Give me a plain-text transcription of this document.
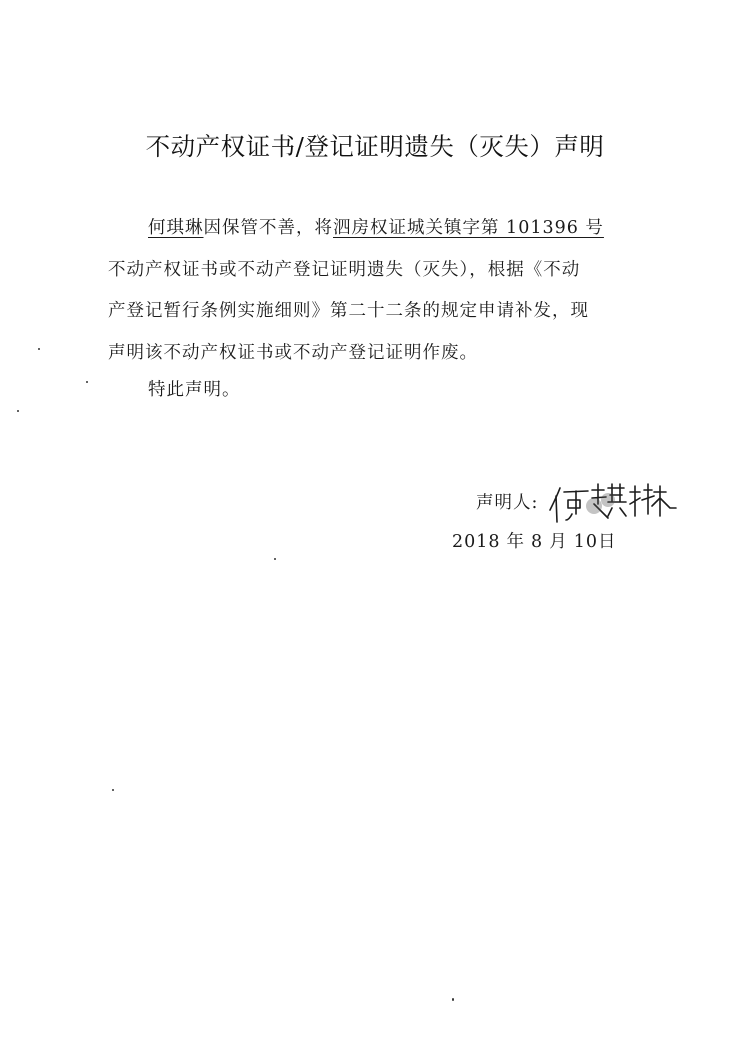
不动产权证书/登记证明遗失（灭失）声明
何琪琳因保管不善，将泗房权证城关镇字第 101396 号
不动产权证书或不动产登记证明遗失（灭失），根据《不动
产登记暂行条例实施细则》第二十二条的规定申请补发，现
声明该不动产权证书或不动产登记证明作废。
特此声明。
声明人:
2018 年 8 月 10日
